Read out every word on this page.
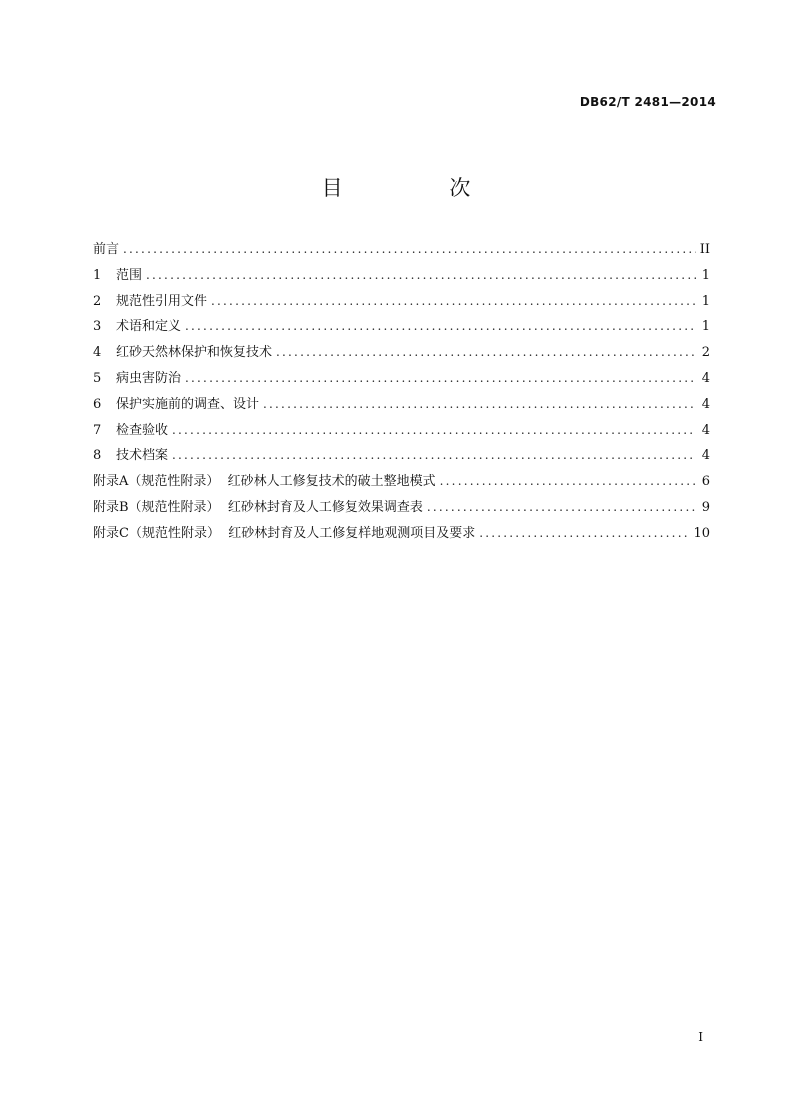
DB62/T 2481—2014
目 次
前言 .....	II
1	范围 .....	1
2	规范性引用文件 .....	1
3	术语和定义 .....	1
4	红砂天然林保护和恢复技术 .....	2
5	病虫害防治 .....	4
6	保护实施前的调查、设计 .....	4
7	检查验收 .....	4
8	技术档案 .....	4
附录A（规范性附录）  红砂林人工修复技术的破土整地模式 .....	6
附录B（规范性附录）  红砂林封育及人工修复效果调查表 .....	9
附录C（规范性附录）  红砂林封育及人工修复样地观测项目及要求 .....	10
I
